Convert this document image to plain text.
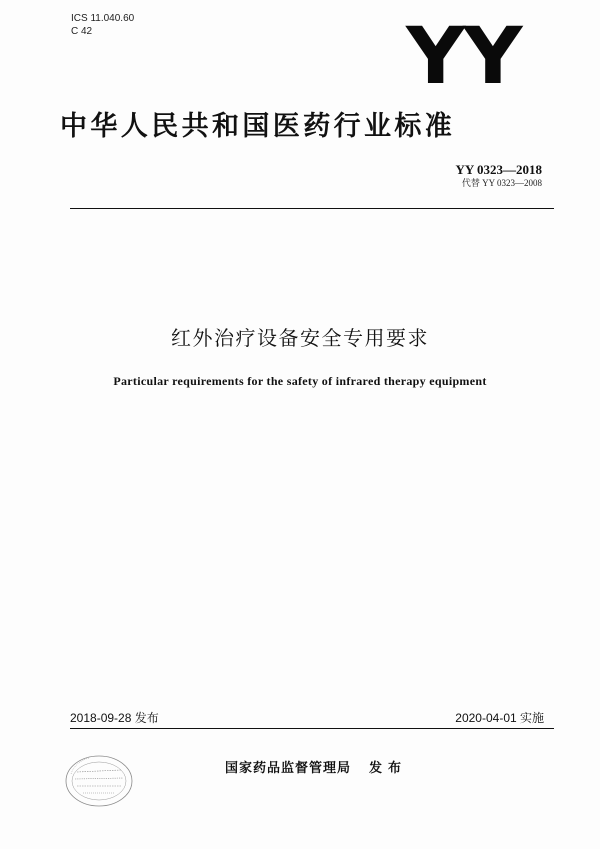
ICS 11.040.60
C 42	YY
中华人民共和国医药行业标准
YY 0323—2018
代替 YY 0323—2008
红外治疗设备安全专用要求
Particular requirements for the safety of infrared therapy equipment
2018-09-28 发布	2020-04-01 实施
国家药品监督管理局 发布
